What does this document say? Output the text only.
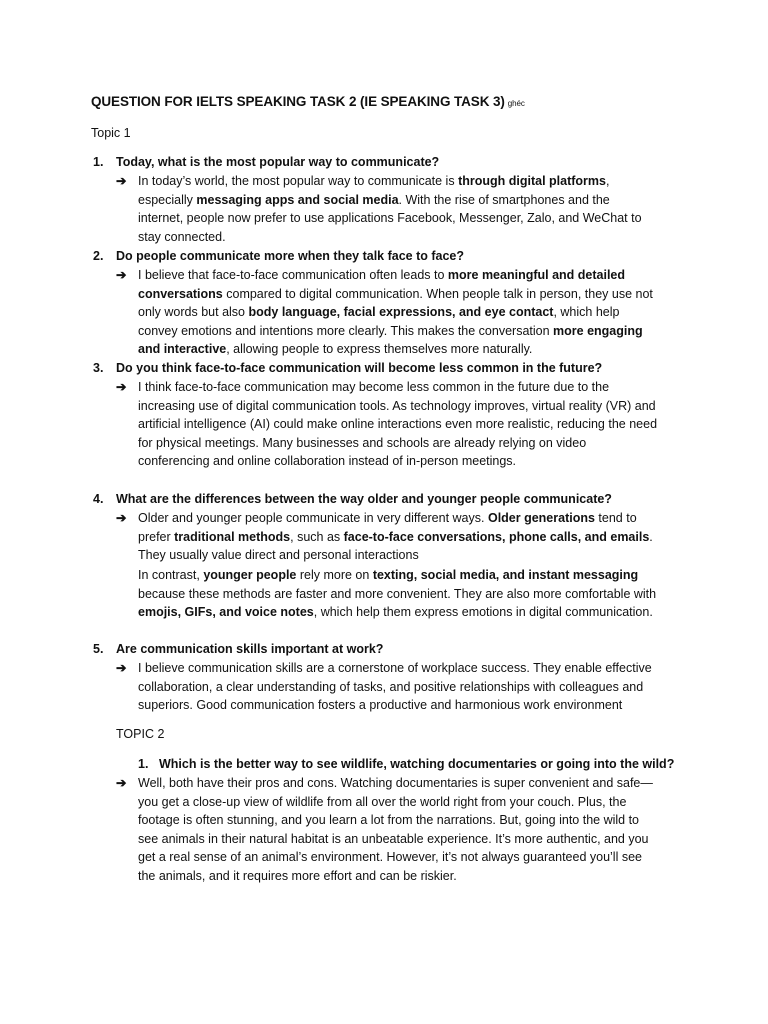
QUESTION FOR IELTS SPEAKING TASK 2 (IE SPEAKING TASK 3) ghéc
Topic 1
1. Today, what is the most popular way to communicate?
➔ In today’s world, the most popular way to communicate is through digital platforms, especially messaging apps and social media. With the rise of smartphones and the internet, people now prefer to use applications Facebook, Messenger, Zalo, and WeChat to stay connected.
2. Do people communicate more when they talk face to face?
➔ I believe that face-to-face communication often leads to more meaningful and detailed conversations compared to digital communication. When people talk in person, they use not only words but also body language, facial expressions, and eye contact, which help convey emotions and intentions more clearly. This makes the conversation more engaging and interactive, allowing people to express themselves more naturally.
3. Do you think face-to-face communication will become less common in the future?
➔ I think face-to-face communication may become less common in the future due to the increasing use of digital communication tools. As technology improves, virtual reality (VR) and artificial intelligence (AI) could make online interactions even more realistic, reducing the need for physical meetings. Many businesses and schools are already relying on video conferencing and online collaboration instead of in-person meetings.
4. What are the differences between the way older and younger people communicate?
➔ Older and younger people communicate in very different ways. Older generations tend to prefer traditional methods, such as face-to-face conversations, phone calls, and emails. They usually value direct and personal interactions
In contrast, younger people rely more on texting, social media, and instant messaging because these methods are faster and more convenient. They are also more comfortable with emojis, GIFs, and voice notes, which help them express emotions in digital communication.
5. Are communication skills important at work?
➔ I believe communication skills are a cornerstone of workplace success. They enable effective collaboration, a clear understanding of tasks, and positive relationships with colleagues and superiors. Good communication fosters a productive and harmonious work environment
TOPIC 2
1. Which is the better way to see wildlife, watching documentaries or going into the wild?
➔ Well, both have their pros and cons. Watching documentaries is super convenient and safe—you get a close-up view of wildlife from all over the world right from your couch. Plus, the footage is often stunning, and you learn a lot from the narrations. But, going into the wild to see animals in their natural habitat is an unbeatable experience. It’s more authentic, and you get a real sense of an animal’s environment. However, it’s not always guaranteed you’ll see the animals, and it requires more effort and can be riskier.
